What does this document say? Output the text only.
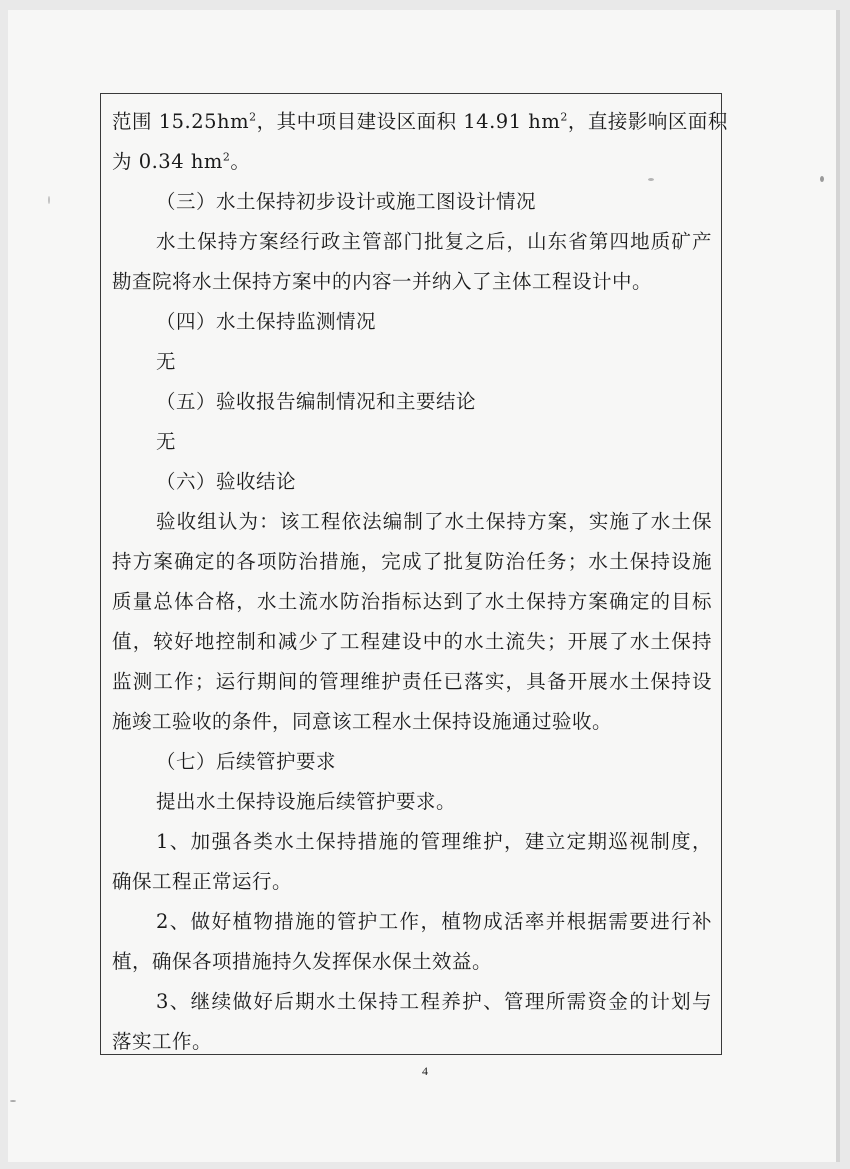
范围 $15.25hm^2$，其中项目建设区面积 14.91 $hm^2$，直接影响区面积
为 0.34 $hm^2$。
（三）水土保持初步设计或施工图设计情况
水土保持方案经行政主管部门批复之后，山东省第四地质矿产
勘查院将水土保持方案中的内容一并纳入了主体工程设计中。
（四）水土保持监测情况
无
（五）验收报告编制情况和主要结论
无
（六）验收结论
验收组认为：该工程依法编制了水土保持方案，实施了水土保
持方案确定的各项防治措施，完成了批复防治任务；水土保持设施
质量总体合格，水土流水防治指标达到了水土保持方案确定的目标
值，较好地控制和减少了工程建设中的水土流失；开展了水土保持
监测工作；运行期间的管理维护责任已落实，具备开展水土保持设
施竣工验收的条件，同意该工程水土保持设施通过验收。
（七）后续管护要求
提出水土保持设施后续管护要求。
1、加强各类水土保持措施的管理维护，建立定期巡视制度，
确保工程正常运行。
2、做好植物措施的管护工作，植物成活率并根据需要进行补
植，确保各项措施持久发挥保水保土效益。
3、继续做好后期水土保持工程养护、管理所需资金的计划与
落实工作。
4
